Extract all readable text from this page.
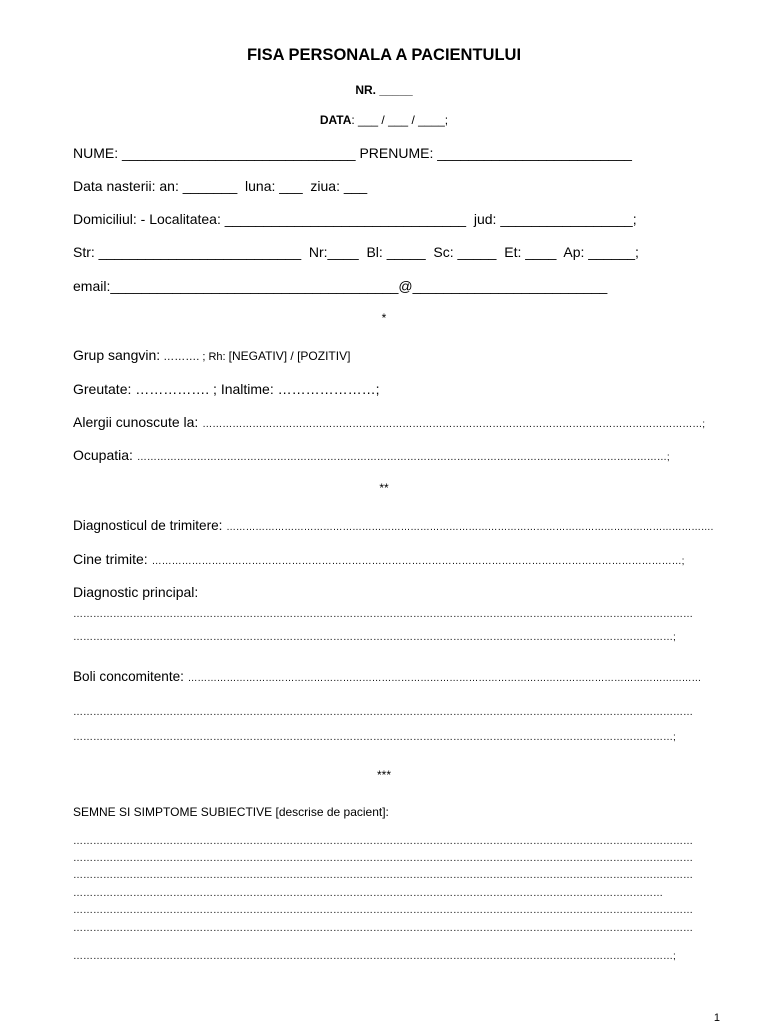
FISA PERSONALA A PACIENTULUI
NR. _____
DATA: ___ / ___ / ____;
NUME: ______________________________ PRENUME: _________________________
Data nasterii: an: _______  luna: ___  ziua: ___
Domiciliul: - Localitatea: _______________________________  jud: _________________;
Str: __________________________  Nr:____  Bl: _____  Sc: _____  Et: ____  Ap: ______;
email:_____________________________________@_________________________
*
Grup sangvin: ………. ; Rh: [NEGATIV] / [POZITIV]
Greutate: ……………. ; Inaltime: …………………;
Alergii cunoscute la: ……………………………………………………………………………………………………………………………………;
Ocupatia: ……………………………………………………………………………………………………………………………………………;
**
Diagnosticul de trimitere: …………………………………………………………………………………………………………………………………….
Cine trimite: ……………………………………………………………………………………………………………………………………………;
Diagnostic principal:
……………………………………………………………………………………………………………………………………………………………………
………………………………………………………………………………………………………………………………………………………………;
Boli concomitente: ……………………………………………………………………………………………………………………………………………
……………………………………………………………………………………………………………………………………………………………………
………………………………………………………………………………………………………………………………………………………………;
***
SEMNE SI SIMPTOME SUBIECTIVE [descrise de pacient]:
……………………………………………………………………………………………………………………………………………………………………
……………………………………………………………………………………………………………………………………………………………………
……………………………………………………………………………………………………………………………………………………………………
……………………………………………………………………………………………………………………………………………………………
……………………………………………………………………………………………………………………………………………………………………
……………………………………………………………………………………………………………………………………………………………………
………………………………………………………………………………………………………………………………………………………………;
1
